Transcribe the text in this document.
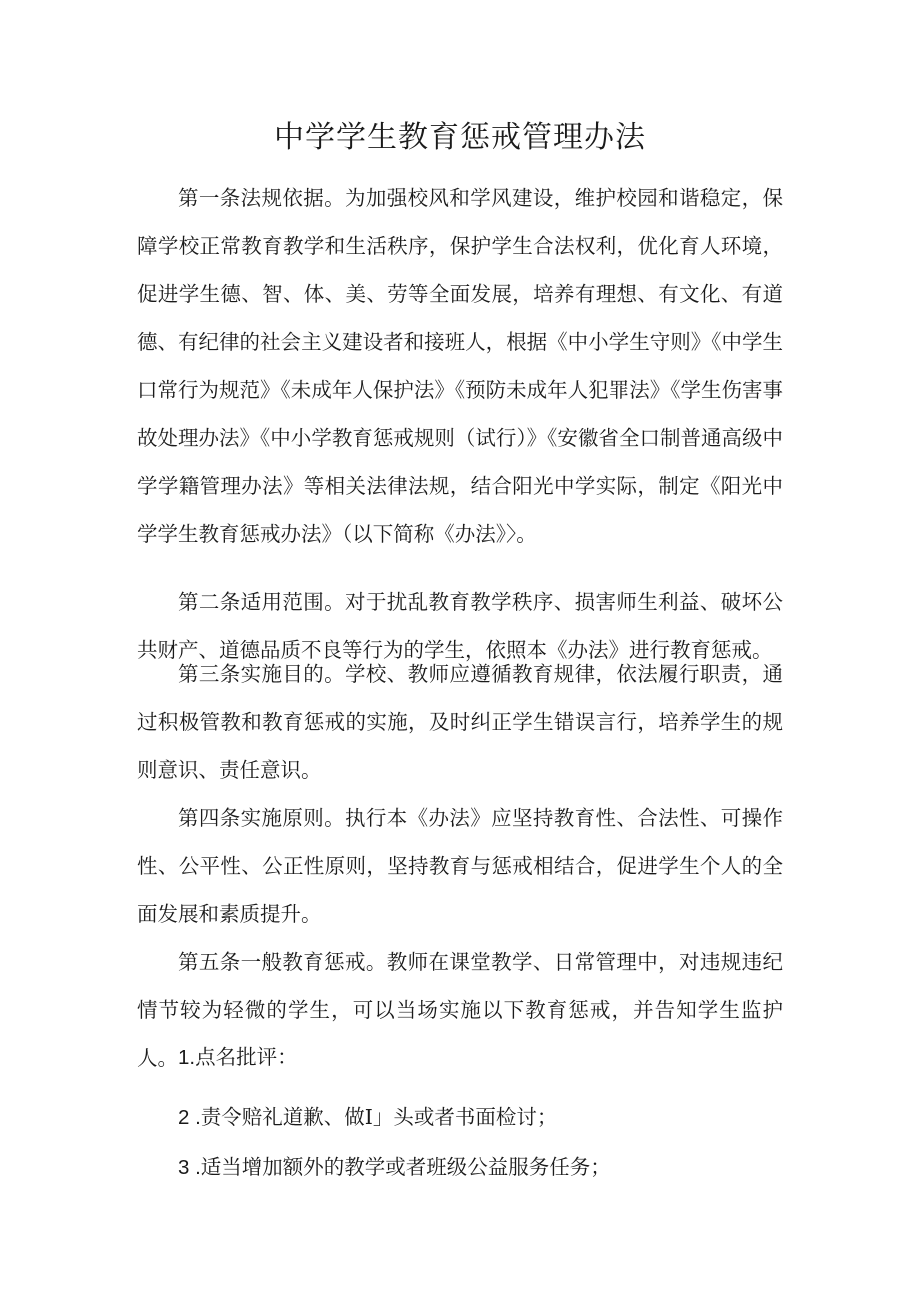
中学学生教育惩戒管理办法

第一条法规依据。为加强校风和学风建设，维护校园和谐稳定，保障学校正常教育教学和生活秩序，保护学生合法权利，优化育人环境，促进学生德、智、体、美、劳等全面发展，培养有理想、有文化、有道德、有纪律的社会主义建设者和接班人，根据《中小学生守则》《中学生口常行为规范》《未成年人保护法》《预防未成年人犯罪法》《学生伤害事故处理办法》《中小学教育惩戒规则（试行）》《安徽省全口制普通高级中学学籍管理办法》等相关法律法规，结合阳光中学实际，制定《阳光中学学生教育惩戒办法》（以下简称《办法》〉。

第二条适用范围。对于扰乱教育教学秩序、损害师生利益、破坏公共财产、道德品质不良等行为的学生，依照本《办法》进行教育惩戒。

第三条实施目的。学校、教师应遵循教育规律，依法履行职责，通过积极管教和教育惩戒的实施，及时纠正学生错误言行，培养学生的规则意识、责任意识。

第四条实施原则。执行本《办法》应坚持教育性、合法性、可操作性、公平性、公正性原则，坚持教育与惩戒相结合，促进学生个人的全面发展和素质提升。

第五条一般教育惩戒。教师在课堂教学、日常管理中，对违规违纪情节较为轻微的学生，可以当场实施以下教育惩戒，并告知学生监护人。 1.点名批评：

2 .责令赔礼道歉、做I」头或者书面检讨；

3 .适当增加额外的教学或者班级公益服务任务；
